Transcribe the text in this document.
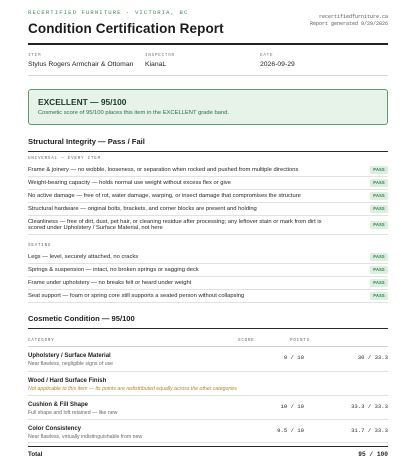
RECERTIFIED FURNITURE · VICTORIA, BC
Condition Certification Report
recertifiedfurniture.ca
Report generated 9/29/2026
ITEM
Stylus Rogers Armchair & Ottoman
INSPECTOR
KianaL
DATE
2026-09-29
EXCELLENT — 95/100
Cosmetic score of 95/100 places this item in the EXCELLENT grade band.
Structural Integrity — Pass / Fail
UNIVERSAL — EVERY ITEM
Frame & joinery — no wobble, looseness, or separation when rocked and pushed from multiple directions	PASS
Weight-bearing capacity — holds normal use weight without excess flex or give	PASS
No active damage — free of rot, water damage, warping, or insect damage that compromises the structure	PASS
Structural hardware — original bolts, brackets, and corner blocks are present and holding	PASS
Cleanliness — free of dirt, dust, pet hair, or cleaning residue after processing; any leftover stain or mark from dirt is scored under Upholstery / Surface Material, not here	PASS
SEATING
Legs — level, securely attached, no cracks	PASS
Springs & suspension — intact, no broken springs or sagging deck	PASS
Frame under upholstery — no breaks felt or heard under weight	PASS
Seat support — foam or spring core still supports a seated person without collapsing	PASS
Cosmetic Condition — 95/100
CATEGORY	SCORE	POINTS
Upholstery / Surface Material
Near flawless, negligible signs of use
9 / 10	30 / 33.3
Wood / Hard Surface Finish
Not applicable to this item — its points are redistributed equally across the other categories
Cushion & Fill Shape
Full shape and loft retained — like new
10 / 10	33.3 / 33.3
Color Consistency
Near flawless, virtually indistinguishable from new
9.5 / 10	31.7 / 33.3
Total	95 / 100
